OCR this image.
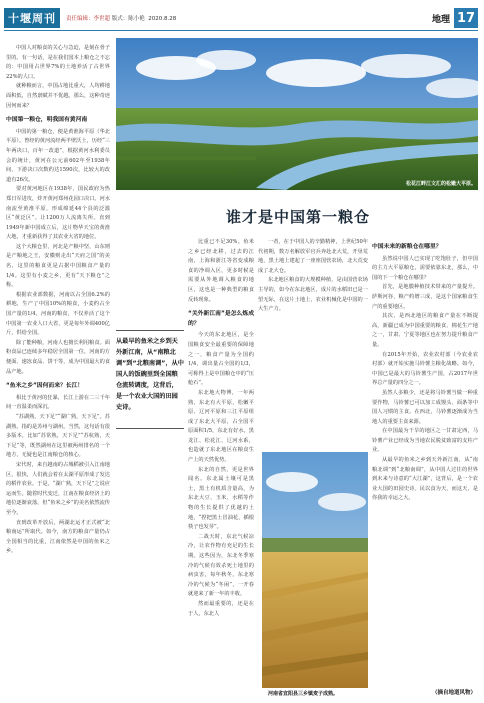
十堰周刊	责任编辑：李世超 版式：陈小艳 2020.8.28	地理 17

中国人对粮食的关心与急迫，是刻在骨子里的。有一句话，是在我们国本上粮仓之不忘的：中国用占世界7%的土地养活了占世界22%的人口。

就种粮而言，中国占地比重大，人均耕地面积低，自然禀赋并不优越。那么，这种奇迹因何而来？

中国第一粮仓，明我国有黄河南

中国的第一粮仓，便是黄淮海平原（华北平原）。曾经的黄河流经两半壁沃土，历经“三年两决口，百年一改道”，根据黄河水利委员会的统计，黄河在公元前602年至1938年间，下游决口次数约达1590次，比较大的改道有26次。

要对黄河地区在1938年，国民政府为热郑日军进攻，炸开黄河郑州花园口决口。河水南流至黄淮平原，形成绵延44个县的泛滥区“黄泛区”。让1200万人流离失所。直到1949年新中国成立后，这片物华天宝的黄淮大地，才重新获得了其农业大省的地位。

这个大粮仓里，河北是产粮中坚，山东则是产粮地之王，安徽则走出“天府之国”的美名，这里的粮食更是占据中国粮食产量的1/4。这里有小麦之乡，更有“天下粮仓”之称。

根据农业部数据，河南以占全国6.2%的耕地，生产了中国10%的粮食，小麦约占全国产量的1/4，河南的粮食，不仅养活了这个中国第一农业人口大省，更是每年外调400亿斤，供给全国。

除了能种粮，河南人也擅长利用粮食。面粉食品已连续多年稳居全国第一位，河南的方便面、速冻食品、饼干等，成为中国最大的食品产地。

“鱼米之乡”因何而来？长江！

相比于黄河的狂暴，长江上游在二三千年间一直温柔而深沉。

“苏湖熟，天下足”“湖广熟，天下足”。苏湖熟，指的是苏州与湖州。当然，这句话有很多版本，比如“苏常熟，天下足”“苏杭熟，天下足”等，既然湖州在这里被两州排名的一个地方，无疑也是江南粮仓的核心。

宋代时，来自越南的占城稻被引入江南地区，很快，人们就会着在太湖平原形成了发达的稻作农业。于是，“湖广熟，天下足”之说应运而生。随着时代变迁，江南在粮食经济上的地位逐渐衰落，但“鱼米之乡”的美名依然流传至今。

直到改革开放后，两湖北运才正式被“北粮南运”所取代。如今，南方的粮食产量仍占全国相当的比重，江南依然是中国的鱼米之乡。

松花江畔江文汇的松嫩大平原。
谁才是中国第一粮仓
从最早的鱼米之乡到天外新江南，从“南粮北调”到“北粮南调”，从中国人的饭碗里到全国粮仓流转调度，这背后，是一个农业大国的田园史诗。

比重已不足30%。鱼米之乡已经北移，过去的江南，上海和浙江等省变成粮食的净调入区，更多时候是需要从外地调入粮食的地区，这也是一种典型的粮食反转现象。

“关外新江南”是怎么炼成的？

今天的东北地区，是全国粮食安全最重要的保障地之一，粮食产量为全国约1/4，调出量占全国的1/3，可称得上是中国粮仓中的“压舱石”。

东北地大物博，一年两熟，东北有大平原，松嫩平原、辽河平原和三江平原组成了东北大平原，占全国平原面积1/5，东北有好水，黑龙江、松花江、辽河水系，也造就了东北地区在粮食生产上的天然优势。

东北的自然，更是世界闻名。东北属土壤可是黑土，黑土有机质含量高，为东北大豆、玉米、水稻等作物的生长提供了优越的土地，“捏把黑土冒油花，插根筷子也发芽”。

二战天时，东北气候凉冷，让农作物有充足的生长期。这些因为，东北冬季寒冷的气候有效杀死土地里的病虫害，每年秋冬，东北寒冷的气候为“冬闲”，一开春就迎来了新一年的丰收。

然而最重要的，还是在于人，东北人

一者，在于中国人的辛勤精神，上世纪50年代初期，数万名解放军官兵奔赴北大荒，开垦荒地，黑土地上建起了一座座国营农场，北大荒变成了北大仓。

东北地区粮食的大规模种植，是由国营农场主导的，如今在东北地区，成片的水稻田已是一望无际，在这片土地上，农业机械化是中国的一大生产力。

河南省宜阳县三乡镇麦子成熟。
中国未来的新粮仓在哪里？

虽然说中国人已实现了吃饱肚子，但中国的主力大平原粮仓，需要依靠东北，那么，中国的下一个粮仓在哪里？

首先，是地膜种植技术带来的产量提升。萨斯河谷，粮产约增三成，是这个国家粮食生产的重要地区。

其次，是西北地区的粮食产量在不断提高，新疆已成为中国重要的粮食、棉花生产地之一，甘肃、宁夏等地区也在努力提升粮食产量。

有2015年开始，农业农村部（今农业农村部）就开始实施马铃薯主粮化战略。如今，中国已是最大的马铃薯生产国，占2017年世界总产量的四分之一。

虽然人多粮少，还是将马铃薯当做一种重要作物，马铃薯已可以加工成馒头、面条等中国人习惯的主食。在西北，马铃薯逐渐成为当地人的重要主食来源。

在中国最为干旱的地区之一甘肃定西，马铃薯产业已经成为当地农民脱贫致富的支柱产业。

从最早的鱼米之乡到天外新江南，从“南粮北调”到“北粮南调”，从中国人过往的世界到未来与诗意的“大江湖”，这背后，是一个农业大国的田园史诗。民以食为天，而这天，是你我的幸运之大。

（摘自地道风物）
